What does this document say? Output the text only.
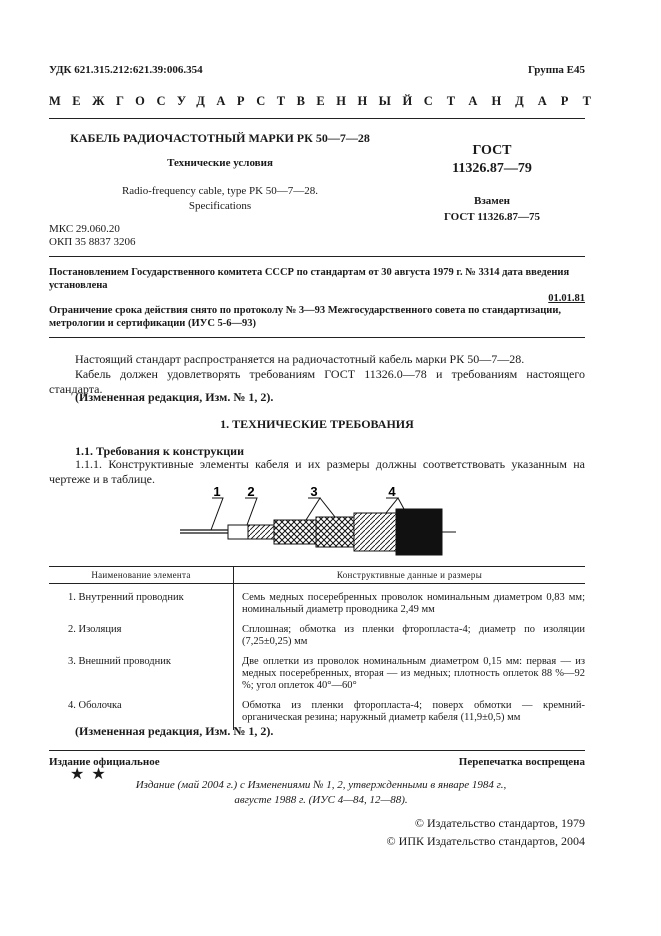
УДК 621.315.212:621.39:006.354	Группа Е45
МЕЖГОСУДАРСТВЕННЫЙ СТАНДАРТ
КАБЕЛЬ РАДИОЧАСТОТНЫЙ МАРКИ РК 50—7—28
Технические условия
Radio-frequency cable, type PK 50—7—28.
Specifications
ГОСТ
11326.87—79
Взамен
ГОСТ 11326.87—75
МКС 29.060.20
ОКП 35 8837 3206
Постановлением Государственного комитета СССР по стандартам от 30 августа 1979 г. № 3314 дата введения установлена
01.01.81
Ограничение срока действия снято по протоколу № 3—93 Межгосударственного совета по стандартизации, метрологии и сертификации (ИУС 5-6—93)
Настоящий стандарт распространяется на радиочастотный кабель марки РК 50—7—28.
Кабель должен удовлетворять требованиям ГОСТ 11326.0—78 и требованиям настоящего стандарта.
(Измененная редакция, Изм. № 1, 2).
1. ТЕХНИЧЕСКИЕ ТРЕБОВАНИЯ
1.1. Требования к конструкции
1.1.1. Конструктивные элементы кабеля и их размеры должны соответствовать указанным на чертеже и в таблице.
1 2	3	4
Наименование элемента	Конструктивные данные и размеры
1. Внутренний проводник	Семь медных посеребренных проволок номинальным диаметром 0,83 мм; номинальный диаметр проводника 2,49 мм
2. Изоляция	Сплошная; обмотка из пленки фторопласта-4; диаметр по изоляции (7,25±0,25) мм
3. Внешний проводник	Две оплетки из проволок номинальным диаметром 0,15 мм: первая — из медных посеребренных, вторая — из медных; плотность оплеток 88 %—92 %; угол оплеток 40°—60°
4. Оболочка	Обмотка из пленки фторопласта-4; поверх обмотки — кремний-органическая резина; наружный диаметр кабеля (11,9±0,5) мм
(Измененная редакция, Изм. № 1, 2).
Издание официальное	Перепечатка воспрещена
★★
Издание (май 2004 г.) с Изменениями № 1, 2, утвержденными в январе 1984 г.,
августе 1988 г. (ИУС 4—84, 12—88).
© Издательство стандартов, 1979
© ИПК Издательство стандартов, 2004
